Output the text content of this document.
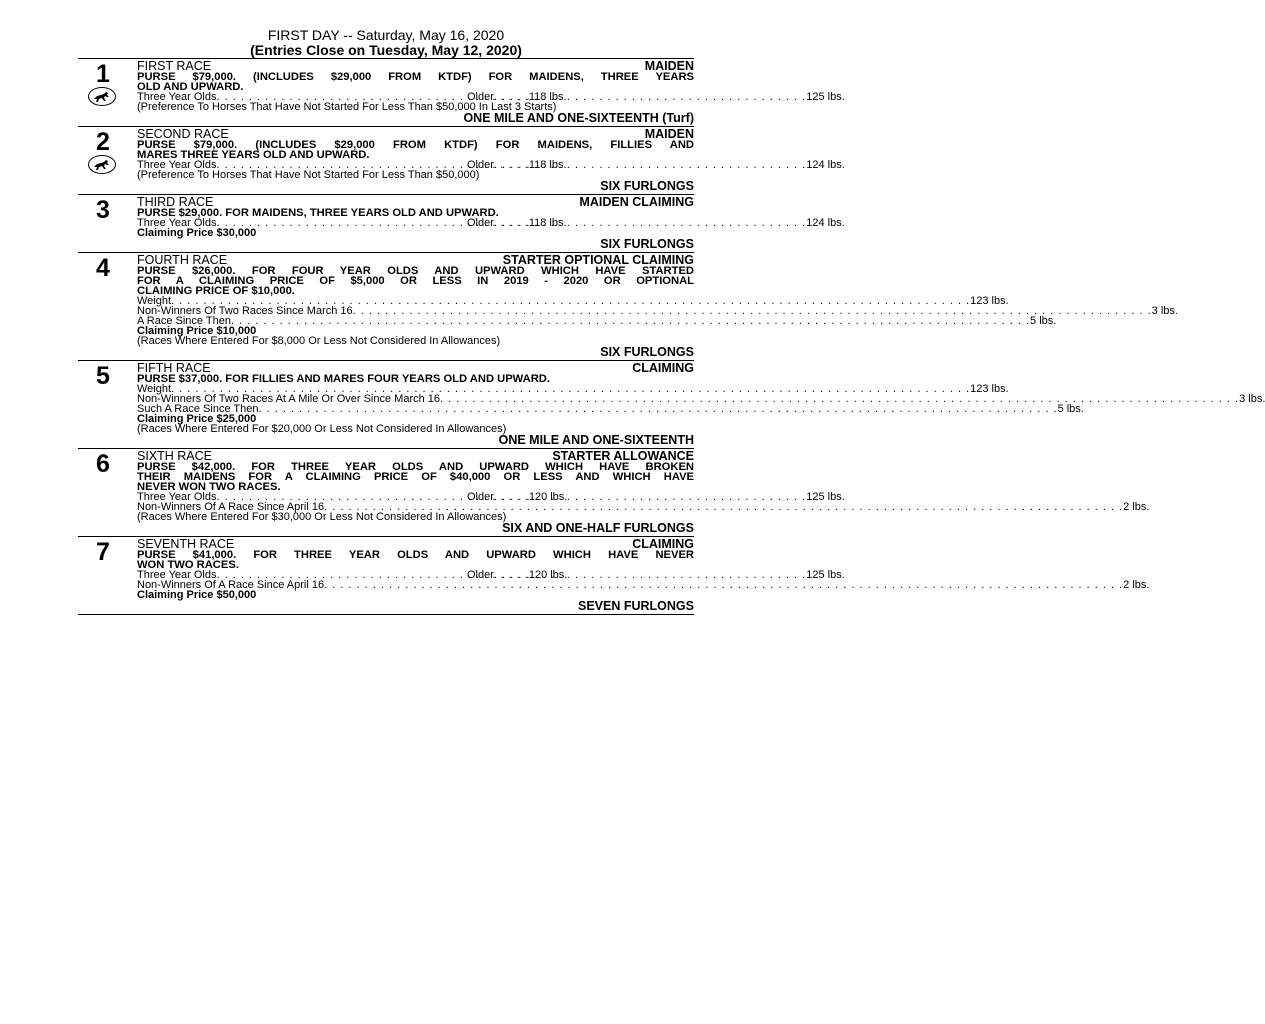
FIRST DAY -- Saturday, May 16, 2020
(Entries Close on Tuesday, May 12, 2020)
1 FIRST RACE	MAIDEN
PURSE $79,000. (INCLUDES $29,000 FROM KTDF) FOR MAIDENS, THREE YEARS
OLD AND UPWARD.
Three Year Olds . . .	118 lbs.
Older . . .	125 lbs.
(Preference To Horses That Have Not Started For Less Than $50,000 In Last 3 Starts)
ONE MILE AND ONE-SIXTEENTH (Turf)
2 SECOND RACE	MAIDEN
PURSE $79,000. (INCLUDES $29,000 FROM KTDF) FOR MAIDENS, FILLIES AND
MARES THREE YEARS OLD AND UPWARD.
Three Year Olds . . .	118 lbs.
Older . . .	124 lbs.
(Preference To Horses That Have Not Started For Less Than $50,000)
SIX FURLONGS
3 THIRD RACE	MAIDEN CLAIMING
PURSE $29,000. FOR MAIDENS, THREE YEARS OLD AND UPWARD.
Three Year Olds . . .	118 lbs.
Older . . .	124 lbs.
Claiming Price $30,000
SIX FURLONGS
4 FOURTH RACE	STARTER OPTIONAL CLAIMING
PURSE $26,000. FOR FOUR YEAR OLDS AND UPWARD WHICH HAVE STARTED
FOR A CLAIMING PRICE OF $5,000 OR LESS IN 2019 - 2020 OR OPTIONAL
CLAIMING PRICE OF $10,000.
Weight . . .	123 lbs.
Non-Winners Of Two Races Since March 16 . . .	3 lbs.
A Race Since Then . . .	5 lbs.
Claiming Price $10,000
(Races Where Entered For $8,000 Or Less Not Considered In Allowances)
SIX FURLONGS
5 FIFTH RACE	CLAIMING
PURSE $37,000. FOR FILLIES AND MARES FOUR YEARS OLD AND UPWARD.
Weight . . .	123 lbs.
Non-Winners Of Two Races At A Mile Or Over Since March 16 . . .	3 lbs.
Such A Race Since Then . . .	5 lbs.
Claiming Price $25,000
(Races Where Entered For $20,000 Or Less Not Considered In Allowances)
ONE MILE AND ONE-SIXTEENTH
6 SIXTH RACE	STARTER ALLOWANCE
PURSE $42,000. FOR THREE YEAR OLDS AND UPWARD WHICH HAVE BROKEN
THEIR MAIDENS FOR A CLAIMING PRICE OF $40,000 OR LESS AND WHICH HAVE
NEVER WON TWO RACES.
Three Year Olds . . .	120 lbs.
Older . . .	125 lbs.
Non-Winners Of A Race Since April 16 . . .	2 lbs.
(Races Where Entered For $30,000 Or Less Not Considered In Allowances)
SIX AND ONE-HALF FURLONGS
7 SEVENTH RACE	CLAIMING
PURSE $41,000. FOR THREE YEAR OLDS AND UPWARD WHICH HAVE NEVER
WON TWO RACES.
Three Year Olds . . .	120 lbs.
Older . . .	125 lbs.
Non-Winners Of A Race Since April 16 . . .	2 lbs.
Claiming Price $50,000
SEVEN FURLONGS
